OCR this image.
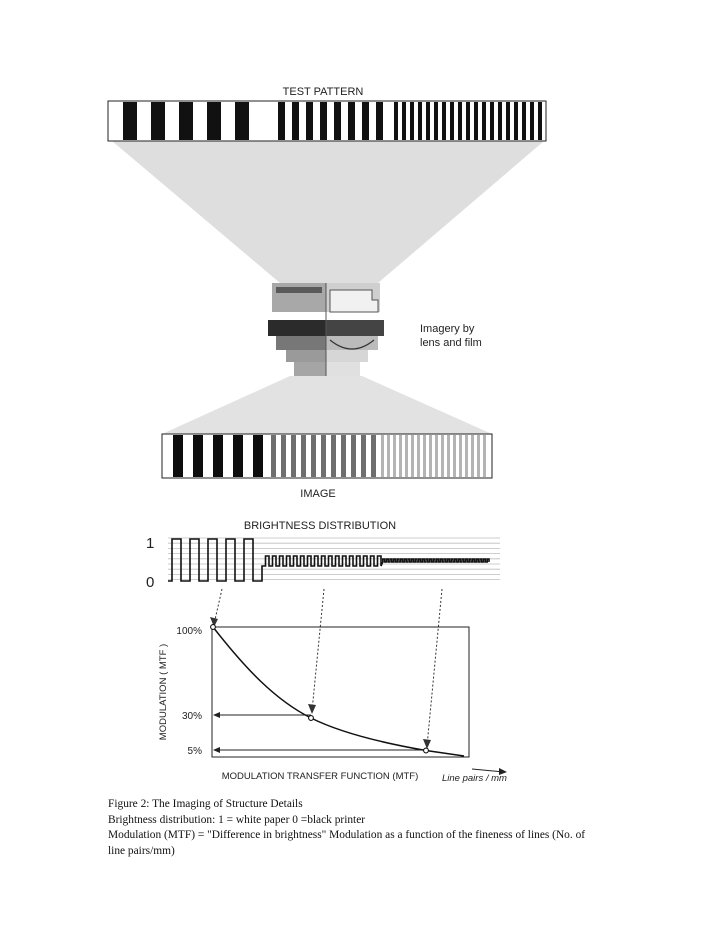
TEST PATTERN
Imagery by
lens and film
IMAGE
BRIGHTNESS DISTRIBUTION
1
0
MODULATION ( MTF )
100%
30%
5%
MODULATION TRANSFER FUNCTION (MTF)	Line pairs / mm
Figure 2: The Imaging of Structure Details
Brightness distribution: 1 = white paper 0 =black printer
Modulation (MTF) = "Difference in brightness" Modulation as a function of the fineness of lines (No. of
line pairs/mm)
